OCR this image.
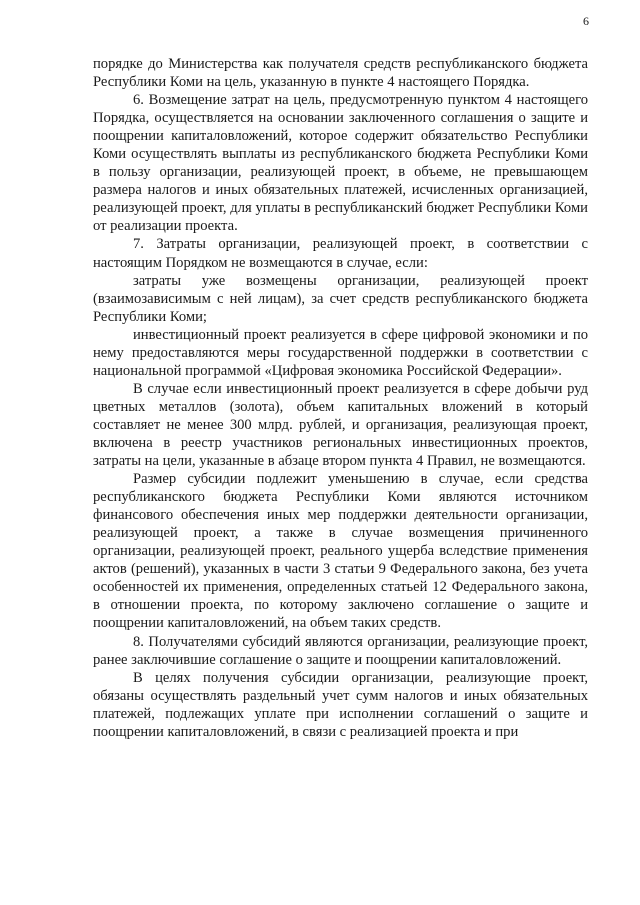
6

порядке до Министерства как получателя средств республиканского бюджета Республики Коми на цель, указанную в пункте 4 настоящего Порядка.

6. Возмещение затрат на цель, предусмотренную пунктом 4 настоящего Порядка, осуществляется на основании заключенного соглашения о защите и поощрении капиталовложений, которое содержит обязательство Республики Коми осуществлять выплаты из республиканского бюджета Республики Коми в пользу организации, реализующей проект, в объеме, не превышающем размера налогов и иных обязательных платежей, исчисленных организацией, реализующей проект, для уплаты в республиканский бюджет Республики Коми от реализации проекта.

7. Затраты организации, реализующей проект, в соответствии с настоящим Порядком не возмещаются в случае, если:

затраты уже возмещены организации, реализующей проект (взаимозависимым с ней лицам), за счет средств республиканского бюджета Республики Коми;

инвестиционный проект реализуется в сфере цифровой экономики и по нему предоставляются меры государственной поддержки в соответствии с национальной программой «Цифровая экономика Российской Федерации».

В случае если инвестиционный проект реализуется в сфере добычи руд цветных металлов (золота), объем капитальных вложений в который составляет не менее 300 млрд. рублей, и организация, реализующая проект, включена в реестр участников региональных инвестиционных проектов, затраты на цели, указанные в абзаце втором пункта 4 Правил, не возмещаются.

Размер субсидии подлежит уменьшению в случае, если средства республиканского бюджета Республики Коми являются источником финансового обеспечения иных мер поддержки деятельности организации, реализующей проект, а также в случае возмещения причиненного организации, реализующей проект, реального ущерба вследствие применения актов (решений), указанных в части 3 статьи 9 Федерального закона, без учета особенностей их применения, определенных статьей 12 Федерального закона, в отношении проекта, по которому заключено соглашение о защите и поощрении капиталовложений, на объем таких средств.

8. Получателями субсидий являются организации, реализующие проект, ранее заключившие соглашение о защите и поощрении капиталовложений.

В целях получения субсидии организации, реализующие проект, обязаны осуществлять раздельный учет сумм налогов и иных обязательных платежей, подлежащих уплате при исполнении соглашений о защите и поощрении капиталовложений, в связи с реализацией проекта и при
